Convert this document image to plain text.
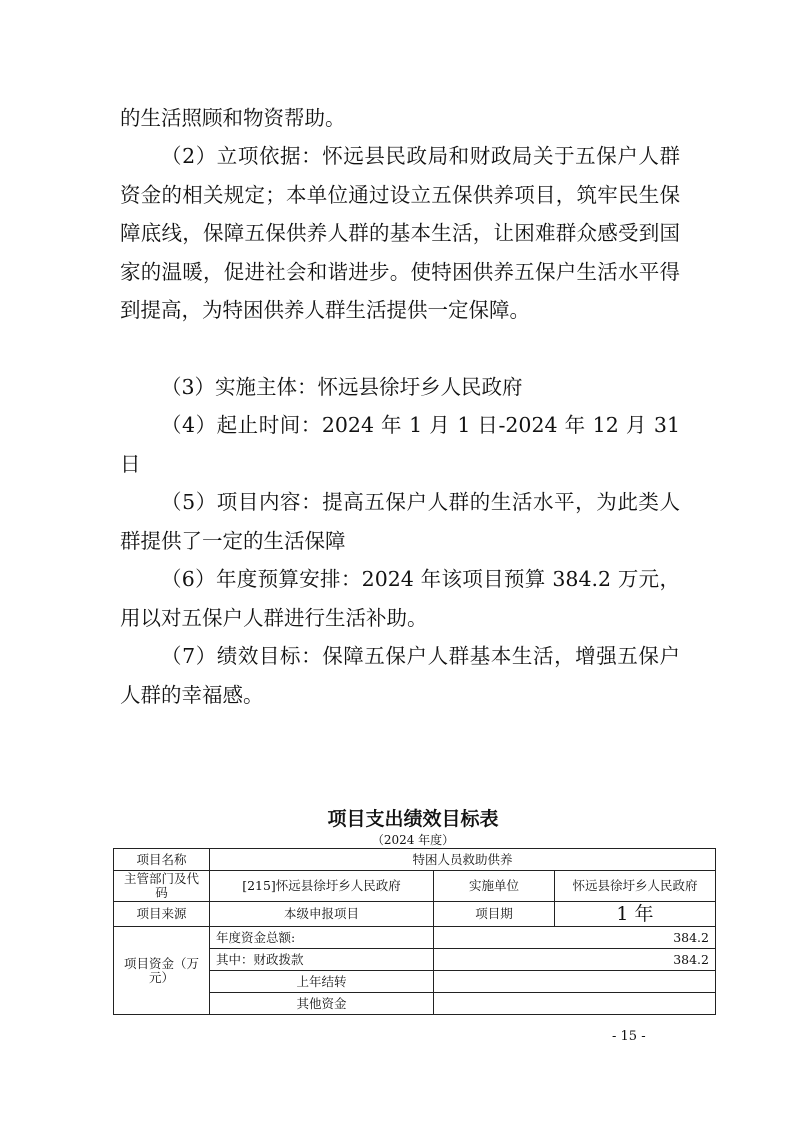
的生活照顾和物资帮助。

（2）立项依据：怀远县民政局和财政局关于五保户人群资金的相关规定；本单位通过设立五保供养项目，筑牢民生保障底线，保障五保供养人群的基本生活，让困难群众感受到国家的温暖，促进社会和谐进步。使特困供养五保户生活水平得到提高，为特困供养人群生活提供一定保障。

（3）实施主体：怀远县徐圩乡人民政府

（4）起止时间：2024 年 1 月 1 日-2024 年 12 月 31 日

（5）项目内容：提高五保户人群的生活水平，为此类人群提供了一定的生活保障

（6）年度预算安排：2024 年该项目预算 384.2 万元，用以对五保户人群进行生活补助。

（7）绩效目标：保障五保户人群基本生活，增强五保户人群的幸福感。

项目支出绩效目标表
（2024 年度）
项目名称	特困人员救助供养		
主管部门及代码	[215]怀远县徐圩乡人民政府	实施单位	怀远县徐圩乡人民政府
项目来源	本级申报项目	项目期	1 年
项目资金（万元）	年度资金总额:	384.2	
	其中：财政拨款	384.2	
	上年结转		
	其他资金		
- 15 -
